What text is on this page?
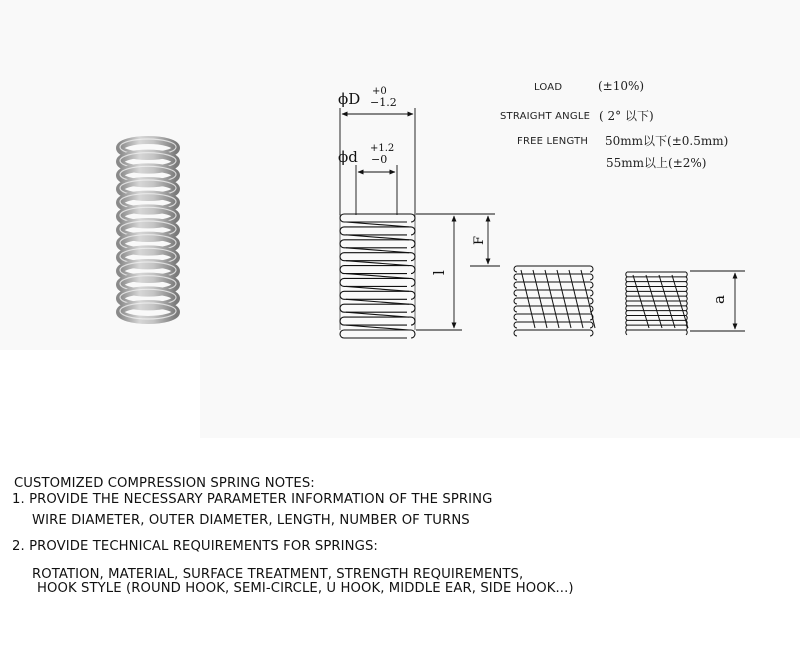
ϕD +0
−1.2
ϕd +1.2
−0
l
F
a
LOAD	(±10%)
STRAIGHT ANGLE ( 2° 以下)
FREE LENGTH 50mm以下(±0.5mm)
55mm以上(±2%)
CUSTOMIZED COMPRESSION SPRING NOTES:
1. PROVIDE THE NECESSARY PARAMETER INFORMATION OF THE SPRING
WIRE DIAMETER, OUTER DIAMETER, LENGTH, NUMBER OF TURNS
2. PROVIDE TECHNICAL REQUIREMENTS FOR SPRINGS:
ROTATION, MATERIAL, SURFACE TREATMENT, STRENGTH REQUIREMENTS,
HOOK STYLE (ROUND HOOK, SEMI-CIRCLE, U HOOK, MIDDLE EAR, SIDE HOOK...)
